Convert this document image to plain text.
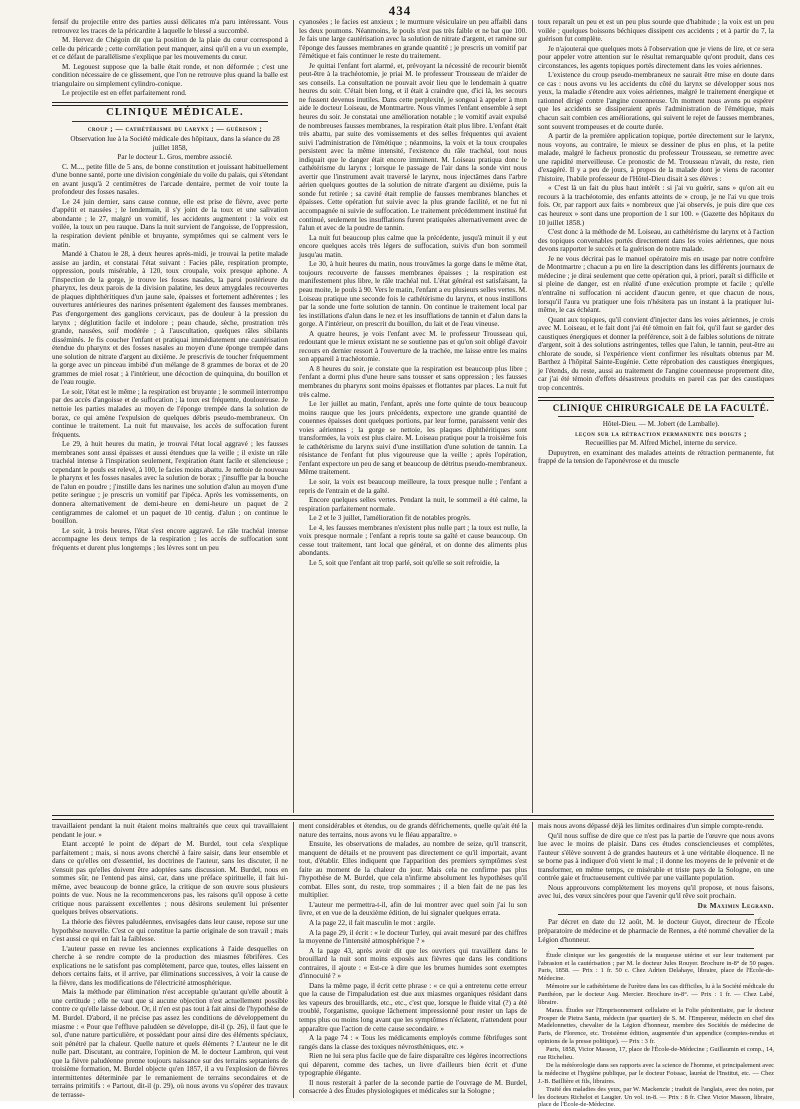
434

fensif du projectile entre des parties aussi délicates m'a paru intéressant. Vous retrouvez les traces de la péricardite à laquelle le blessé a succombé.

M. Hervez de Chégoin dit que la position de la plaie du cœur correspond à celle du péricarde ; cette corrélation peut manquer, ainsi qu'il en a vu un exemple, et ce défaut de parallélisme s'explique par les mouvements du cœur.

M. Legouest suppose que la balle était ronde, et non déformée ; c'est une condition nécessaire de ce glissement, que l'on ne retrouve plus quand la balle est triangulaire ou simplement cylindro-conique.

Le projectile est en effet parfaitement rond.

CLINIQUE MÉDICALE.

croup ; — cathétérisme du larynx ; — guérison ;

Observation lue à la Société médicale des hôpitaux, dans la séance du 28 juillet 1858,

Par le docteur L. Gros, membre associé.

C. M..., petite fille de 5 ans, de bonne constitution et jouissant habituellement d'une bonne santé, porte une division congéniale du voile du palais, qui s'étendant en avant jusqu'à 2 centimètres de l'arcade dentaire, permet de voir toute la profondeur des fosses nasales.

Le 24 juin dernier, sans cause connue, elle est prise de fièvre, avec perte d'appétit et nausées ; le lendemain, il s'y joint de la toux et une salivation abondante ; le 27, malgré un vomitif, les accidents augmentent : la voix est voilée, la toux un peu rauque. Dans la nuit survient de l'angoisse, de l'oppression, la respiration devient pénible et bruyante, symptômes qui se calment vers le matin.

Mandé à Chatou le 28, à deux heures après-midi, je trouvai la petite malade assise au jardin, et constatai l'état suivant : Facies pâle, respiration prompte, oppression, pouls misérable, à 120, toux croupale, voix presque aphone. A l'inspection de la gorge, je trouve les fosses nasales, la paroi postérieure du pharynx, les deux parois de la division palatine, les deux amygdales recouvertes de plaques diphthéritiques d'un jaune sale, épaisses et fortement adhérentes ; les ouvertures antérieures des narines présentent également des fausses membranes. Pas d'engorgement des ganglions cervicaux, pas de douleur à la pression du larynx ; déglutition facile et indolore ; peau chaude, sèche, prostration très grande, nausées, soif modérée ; à l'auscultation, quelques râles sibilants disséminés. Je fis coucher l'enfant et pratiquai immédiatement une cautérisation étendue du pharynx et des fosses nasales au moyen d'une éponge trempée dans une solution de nitrate d'argent au dixième. Je prescrivis de toucher fréquemment la gorge avec un pinceau imbibé d'un mélange de 8 grammes de borax et de 20 grammes de miel rosat ; à l'intérieur, une décoction de quinquina, du bouillon et de l'eau rougie.

Le soir, l'état est le même ; la respiration est bruyante ; le sommeil interrompu par des accès d'angoisse et de suffocation ; la toux est fréquente, douloureuse. Je nettoie les parties malades au moyen de l'éponge trempée dans la solution de borax, ce qui amène l'expulsion de quelques débris pseudo-membraneux. On continue le traitement. La nuit fut mauvaise, les accès de suffocation furent fréquents.

Le 29, à huit heures du matin, je trouvai l'état local aggravé ; les fausses membranes sont aussi épaisses et aussi étendues que la veille ; il existe un râle trachéal intense à l'inspiration seulement, l'expiration étant facile et silencieuse ; cependant le pouls est relevé, à 100, le facies moins abattu. Je nettoie de nouveau le pharynx et les fosses nasales avec la solution de borax ; j'insuffle par la bouche de l'alun en poudre ; j'instille dans les narines une solution d'alun au moyen d'une petite seringue ; je prescris un vomitif par l'ipéca. Après les vomissements, on donnera alternativement de demi-heure en demi-heure un paquet de 2 centigrammes de calomel et un paquet de 10 centig. d'alun ; on continue le bouillon.

Le soir, à trois heures, l'état s'est encore aggravé. Le râle trachéal intense accompagne les deux temps de la respiration ; les accès de suffocation sont fréquents et durent plus longtemps ; les lèvres sont un peu

cyanosées ; le facies est anxieux ; le murmure vésiculaire un peu affaibli dans les deux poumons. Néanmoins, le pouls n'est pas très faible et ne bat que 100. Je fais une large cautérisation avec la solution de nitrate d'argent, et ramène sur l'éponge des fausses membranes en grande quantité ; je prescris un vomitif par l'émétique et fais continuer le reste du traitement.

Je quittai l'enfant fort alarmé, et, prévoyant la nécessité de recourir bientôt peut-être à la trachéotomie, je priai M. le professeur Trousseau de m'aider de ses conseils. La consultation ne pouvait avoir lieu que le lendemain à quatre heures du soir. C'était bien long, et il était à craindre que, d'ici là, les secours ne fussent devenus inutiles. Dans cette perplexité, je songeai à appeler à mon aide le docteur Loiseau, de Montmartre. Nous vînmes l'enfant ensemble à sept heures du soir. Je constatai une amélioration notable ; le vomitif avait expulsé de nombreuses fausses membranes, la respiration était plus libre. L'enfant était très abattu, par suite des vomissements et des selles fréquentes qui avaient suivi l'administration de l'émétique ; néanmoins, la voix et la toux croupales persistent avec la même intensité, l'existence du râle trachéal, tout nous indiquait que le danger était encore imminent. M. Loiseau pratiqua donc le cathétérisme du larynx ; lorsque le passage de l'air dans la sonde vint nous avertir que l'instrument avait traversé le larynx, nous injectâmes dans l'arbre aérien quelques gouttes de la solution de nitrate d'argent au dixième, puis la sonde fut retirée ; sa cavité était remplie de fausses membranes blanches et épaisses. Cette opération fut suivie avec la plus grande facilité, et ne fut ni accompagnée ni suivie de suffocation. Le traitement précédemment institué fut continué, seulement les insufflations furent pratiquées alternativement avec de l'alun et avec de la poudre de tannin.

La nuit fut beaucoup plus calme que la précédente, jusqu'à minuit il y eut encore quelques accès très légers de suffocation, suivis d'un bon sommeil jusqu'au matin.

Le 30, à huit heures du matin, nous trouvâmes la gorge dans le même état, toujours recouverte de fausses membranes épaisses ; la respiration est manifestement plus libre, le râle trachéal nul. L'état général est satisfaisant, la peau moite, le pouls à 90. Vers le matin, l'enfant a eu plusieurs selles vertes. M. Loiseau pratique une seconde fois le cathétérisme du larynx, et nous instillons par la sonde une forte solution de tannin. On continue le traitement local par les instillations d'alun dans le nez et les insufflations de tannin et d'alun dans la gorge. A l'intérieur, on prescrit du bouillon, du lait et de l'eau vineuse.

A quatre heures, je vois l'enfant avec M. le professeur Trousseau qui, redoutant que le mieux existant ne se soutienne pas et qu'on soit obligé d'avoir recours en dernier ressort à l'ouverture de la trachée, me laisse entre les mains son appareil à trachéotomie.

A 8 heures du soir, je constate que la respiration est beaucoup plus libre ; l'enfant a dormi plus d'une heure sans tousser et sans oppression ; les fausses membranes du pharynx sont moins épaisses et flottantes par places. La nuit fut très calme.

Le 1er juillet au matin, l'enfant, après une forte quinte de toux beaucoup moins rauque que les jours précédents, expectore une grande quantité de couennes épaisses dont quelques portions, par leur forme, paraissent venir des voies aériennes ; la gorge se nettoie, les plaques diphthéritiques sont transformées, la voix est plus claire. M. Loiseau pratique pour la troisième fois le cathétérisme du larynx suivi d'une instillation d'une solution de tannin. La résistance de l'enfant fut plus vigoureuse que la veille ; après l'opération, l'enfant expectore un peu de sang et beaucoup de détritus pseudo-membraneux. Même traitement.

Le soir, la voix est beaucoup meilleure, la toux presque nulle ; l'enfant a repris de l'entrain et de la gaîté.

Encore quelques selles vertes. Pendant la nuit, le sommeil a été calme, la respiration parfaitement normale.

Le 2 et le 3 juillet, l'amélioration fit de notables progrès.

Le 4, les fausses membranes n'existent plus nulle part ; la toux est nulle, la voix presque normale ; l'enfant a repris toute sa gaîté et cause beaucoup. On cesse tout traitement, tant local que général, et on donne des aliments plus abondants.

Le 5, soit que l'enfant ait trop parlé, soit qu'elle se soit refroidie, la

toux reparaît un peu et est un peu plus sourde que d'habitude ; la voix est un peu voilée ; quelques boissons béchiques dissipent ces accidents ; et à partir du 7, la guérison fut complète.

Je n'ajouterai que quelques mots à l'observation que je viens de lire, et ce sera pour appeler votre attention sur le résultat remarquable qu'ont produit, dans ces circonstances, les agents topiques portés directement dans les voies aériennes.

L'existence du croup pseudo-membraneux ne saurait être mise en doute dans ce cas : nous avons vu les accidents du côté du larynx se développer sous nos yeux, la maladie s'étendre aux voies aériennes, malgré le traitement énergique et rationnel dirigé contre l'angine couenneuse. Un moment nous avons pu espérer que les accidents se dissiperaient après l'administration de l'émétique, mais chacun sait combien ces améliorations, qui suivent le rejet de fausses membranes, sont souvent trompeuses et de courte durée.

A partir de la première application topique, portée directement sur le larynx, nous voyons, au contraire, le mieux se dessiner de plus en plus, et la petite malade, malgré le facheux pronostic du professeur Trousseau, se remettre avec une rapidité merveilleuse. Ce pronostic de M. Trousseau n'avait, du reste, rien d'exagéré. Il y a peu de jours, à propos de la malade dont je viens de raconter l'histoire, l'habile professeur de l'Hôtel-Dieu disait à ses élèves :

« C'est là un fait du plus haut intérêt : si j'ai vu guérir, sans » qu'on ait eu recours à la trachéotomie, des enfants atteints de » croup, je ne l'ai vu que trois fois. Or, par rapport aux faits » nombreux que j'ai observés, je puis dire que ces cas heureux » sont dans une proportion de 1 sur 100. » (Gazette des hôpitaux du 10 juillet 1858.)

C'est donc à la méthode de M. Loiseau, au cathétérisme du larynx et à l'action des topiques convenables portés directement dans les voies aériennes, que nous devons rapporter le succès et la guérison de notre malade.

Je ne vous décrirai pas le manuel opératoire mis en usage par notre confrère de Montmartre ; chacun a pu en lire la description dans les différents journaux de médecine ; je dirai seulement que cette opération qui, à priori, paraît si difficile et si pleine de danger, est en réalité d'une exécution prompte et facile ; qu'elle n'entraîne ni suffocation ni accident d'aucun genre, et que chacun de nous, lorsqu'il l'aura vu pratiquer une fois n'hésitera pas un instant à la pratiquer lui-même, le cas échéant.

Quant aux topiques, qu'il convient d'injecter dans les voies aériennes, je crois avec M. Loiseau, et le fait dont j'ai été témoin en fait foi, qu'il faut se garder des caustiques énergiques et donner la préférence, soit à de faibles solutions de nitrate d'argent, soit à des solutions astringentes, telles que l'alun, le tannin, peut-être au chlorate de soude, si l'expérience vient confirmer les résultats obtenus par M. Barthez à l'hôpital Sainte-Eugénie. Cette réprobation des caustiques énergiques, je l'étends, du reste, aussi au traitement de l'angine couenneuse proprement dite, car j'ai été témoin d'effets désastreux produits en pareil cas par des caustiques trop concentrés.

CLINIQUE CHIRURGICALE DE LA FACULTÉ.

Hôtel-Dieu. — M. Jobert (de Lamballe).

leçon sur la rétraction permanente des doigts ;

Recueillies par M. Alfred Michel, interne du service.

Dupuytren, en examinant des malades atteints de rétraction permanente, fut frappé de la tension de l'aponévrose et du muscle

travaillaient pendant la nuit étaient moins maltraités que ceux qui travaillaient pendant le jour. »

Etant accepté le point de départ de M. Burdel, tout cela s'explique parfaitement ; mais, si nous avons cherché à faire saisir, dans leur ensemble et dans ce qu'elles ont d'essentiel, les doctrines de l'auteur, sans les discuter, il ne s'ensuit pas qu'elles doivent être adoptées sans discussion. M. Burdel, nous en sommes sûr, ne l'entend pas ainsi, car, dans une préface spirituelle, il fait lui-même, avec beaucoup de bonne grâce, la critique de son œuvre sous plusieurs points de vue. Nous ne la recommencerons pas, les raisons qu'il oppose à cette critique nous paraissent excellentes ; nous désirons seulement lui présenter quelques brèves observations.

La théorie des fièvres paludéennes, envisagées dans leur cause, repose sur une hypothèse nouvelle. C'est ce qui constitue la partie originale de son travail ; mais c'est aussi ce qui en fait la faiblesse.

L'auteur passe en revue les anciennes explications à l'aide desquelles on cherche à se rendre compte de la production des miasmes fébrifères. Ces explications ne le satisfont pas complètement, parce que, toutes, elles laissent en dehors certains faits, et il arrive, par éliminations successives, à voir la cause de la fièvre, dans les modifications de l'électricité atmosphérique.

Mais la méthode par élimination n'est acceptable qu'autant qu'elle aboutit à une certitude ; elle ne vaut que si aucune objection n'est actuellement possible contre ce qu'elle laisse debout. Or, il n'en est pas tout à fait ainsi de l'hypothèse de M. Burdel. D'abord, il ne précise pas assez les conditions de développement du miasme : « Pour que l'effluve paludéen se développe, dit-il (p. 26), il faut que le sol, d'une nature particulière, et possédant pour ainsi dire des éléments spéciaux, soit pénétré par la chaleur. Quelle nature et quels éléments ? L'auteur ne le dit nulle part. Discutant, au contraire, l'opinion de M. le docteur Lambron, qui veut que la fièvre paludéenne prenne toujours naissance sur des terrains septaniens de troisième formation, M. Burdel objecte qu'en 1857, il a vu l'explosion de fièvres intermittentes déterminée par le remaniement de terrains secondaires et de terrains primitifs : « Partout, dit-il (p. 29), où nous avons vu s'opérer des travaux de terrasse-

ment considérables et étendus, ou de grands défrichements, quelle qu'ait été la nature des terrains, nous avons vu le fléau apparaître. »

Ensuite, les observations de malades, au nombre de seize, qu'il transcrit, manquent de détails et ne prouvent pas directement ce qu'il importait, avant tout, d'établir. Elles indiquent que l'apparition des premiers symptômes s'est faite au moment de la chaleur du jour. Mais cela ne confirme pas plus l'hypothèse de M. Burdel, que cela n'infirme absolument les hypothèses qu'il combat. Elles sont, du reste, trop sommaires ; il a bien fait de ne pas les multiplier.

L'auteur me permettra-t-il, afin de lui montrer avec quel soin j'ai lu son livre, et en vue de la deuxième édition, de lui signaler quelques errata.

A la page 22, il fait masculin le mot : argile.

A la page 29, il écrit : « le docteur Turley, qui avait mesuré par des chiffres la moyenne de l'intensité atmosphérique ? »

A la page 43, après avoir dit que les ouvriers qui travaillent dans le brouillard la nuit sont moins exposés aux fièvres que dans les conditions contraires, il ajoute : « Est-ce à dire que les brumes humides sont exemptes d'innocuité ? »

Dans la même page, il écrit cette phrase : « ce qui a entretenu cette erreur que la cause de l'impaludation est due aux miasmes organiques résidant dans les vapeurs des brouillards, etc., etc., c'est que, lorsque le fluide vital (?) a été troublé, l'organisme, quoique lâchement impressionné pour rester un laps de temps plus ou moins long avant que les symptômes n'éclatent, n'attendent pour apparaître que l'action de cette cause secondaire. »

A la page 74 : « Tous les médicaments employés comme fébrifuges sont rangés dans la classe des toxiques névrosthéniques, etc. »

Rien ne lui sera plus facile que de faire disparaître ces légères incorrections qui déparent, comme des taches, un livre d'ailleurs bien écrit et d'une typographie élégante.

Il nous resterait à parler de la seconde partie de l'ouvrage de M. Burdel, consacrée à des Études physiologiques et médicales sur la Sologne ;

mais nous avons dépassé déjà les limites ordinaires d'un simple compte-rendu.

Qu'il nous suffise de dire que ce n'est pas la partie de l'œuvre que nous avons lue avec le moins de plaisir. Dans ces études consciencieuses et complètes, l'auteur s'élève souvent à de grandes hauteurs et à une véritable éloquence. Il ne se borne pas à indiquer d'où vient le mal ; il donne les moyens de le prévenir et de transformer, en même temps, ce misérable et triste pays de la Sologne, en une contrée gaie et fructueusement cultivée par une vaillante population.

Nous approuvons complètement les moyens qu'il propose, et nous faisons, avec lui, des vœux sincères pour que l'avenir qu'il rêve soit prochain.

Dr Maximin Legrand.

Par décret en date du 12 août, M. le docteur Guyot, directeur de l'École préparatoire de médecine et de pharmacie de Rennes, a été nommé chevalier de la Légion d'honneur.

Étude clinique sur les gangosités de la muqueuse utérine et sur leur traitement par l'abrasion et la cautérisation ; par M. le docteur Jules Rouyer. Brochure in-8° de 50 pages. Paris, 1858. — Prix : 1 fr. 50 c. Chez Adrien Delahaye, libraire, place de l'École-de-Médecine.

Mémoire sur le cathétérisme de l'urètre dans les cas difficiles, lu à la Société médicale du Panthéon, par le docteur Aug. Mercier. Brochure in-8°. — Prix : 1 fr. — Chez Labé, libraire.

Maras. Études sur l'Emprisonnement cellulaire et la Folie pénitentiaire, par le docteur Prosper de Pietra Santa, médecin (par quartier) de S. M. l'Empereur, médecin en chef des Madelonnettes, chevalier de la Légion d'honneur, membre des Sociétés de médecine de Paris, de Florence, etc. Troisième édition, augmentée d'un appendice (comptes-rendus et opinions de la presse politique). — Prix : 3 fr.

Paris, 1858, Victor Masson, 17, place de l'École-de-Médecine ; Guillaumin et comp., 14, rue Richelieu.

De la météorologie dans ses rapports avec la science de l'homme, et principalement avec la médecine et l'hygiène publique, par le docteur Foissac, lauréat de l'Institut, etc. — Chez J.-B. Baillière et fils, libraires.

Traité des maladies des yeux, par W. Mackenzie ; traduit de l'anglais, avec des notes, par les docteurs Richelot et Laugier. Un vol. in-8. — Prix : 8 fr. Chez Victor Masson, libraire, place de l'École-de-Médecine.
